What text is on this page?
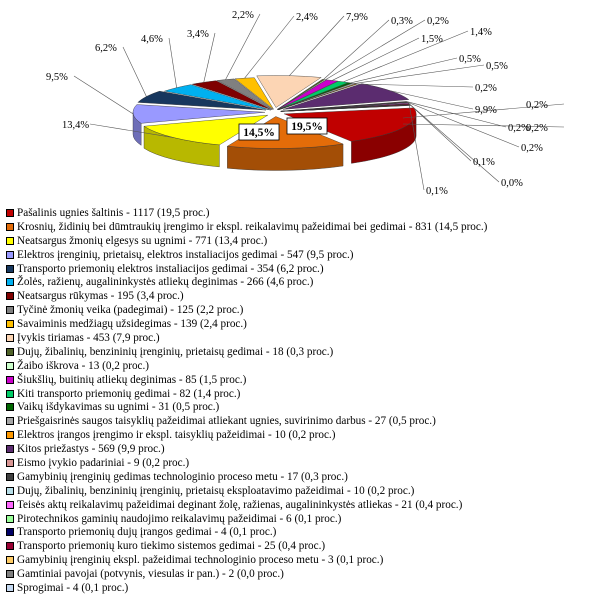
19,5%
14,5%
13,4%
9,5%
6,2%
4,6% 3,4%
2,2%	2,4%	7,9% 0,3% 0,2%
1,5%
1,4%
0,5%
0,5%
0,2%
9,9%
0,2%
0,2%
0,1%
0,0%
0,1%
0,2%
0,2%
Pašalinis ugnies šaltinis - 1117 (19,5 proc.)
Krosnių, židinių bei dūmtraukių įrengimo ir ekspl. reikalavimų pažeidimai bei gedimai - 831 (14,5 proc.)
Neatsargus žmonių elgesys su ugnimi - 771 (13,4 proc.)
Elektros įrenginių, prietaisų, elektros instaliacijos gedimai - 547 (9,5 proc.)
Transporto priemonių elektros instaliacijos gedimai - 354 (6,2 proc.)
Žolės, ražienų, augalininkystės atliekų deginimas - 266 (4,6 proc.)
Neatsargus rūkymas - 195 (3,4 proc.)
Tyčinė žmonių veika (padegimai) - 125 (2,2 proc.)
Savaiminis medžiagų užsidegimas - 139 (2,4 proc.)
Įvykis tiriamas - 453 (7,9 proc.)
Dujų, žibalinių, benzininių įrenginių, prietaisų gedimai - 18 (0,3 proc.)
Žaibo iškrova - 13 (0,2 proc.)
Šiukšlių, buitinių atliekų deginimas - 85 (1,5 proc.)
Kiti transporto priemonių gedimai - 82 (1,4 proc.)
Vaikų išdykavimas su ugnimi - 31 (0,5 proc.)
Priešgaisrinės saugos taisyklių pažeidimai atliekant ugnies, suvirinimo darbus - 27 (0,5 proc.)
Elektros įrangos įrengimo ir ekspl. taisyklių pažeidimai - 10 (0,2 proc.)
Kitos priežastys - 569 (9,9 proc.)
Eismo įvykio padariniai - 9 (0,2 proc.)
Gamybinių įrenginių gedimas technologinio proceso metu - 17 (0,3 proc.)
Dujų, žibalinių, benzininių įrenginių, prietaisų eksploatavimo pažeidimai - 10 (0,2 proc.)
Teisės aktų reikalavimų pažeidimai deginant žolę, ražienas, augalininkystės atliekas - 21 (0,4 proc.)
Pirotechnikos gaminių naudojimo reikalavimų pažeidimai - 6 (0,1 proc.)
Transporto priemonių dujų įrangos gedimai - 4 (0,1 proc.)
Transporto priemonių kuro tiekimo sistemos gedimai - 25 (0,4 proc.)
Gamybinių įrenginių ekspl. pažeidimai technologinio proceso metu - 3 (0,1 proc.)
Gamtiniai pavojai (potvynis, viesulas ir pan.) - 2 (0,0 proc.)
Sprogimai - 4 (0,1 proc.)
